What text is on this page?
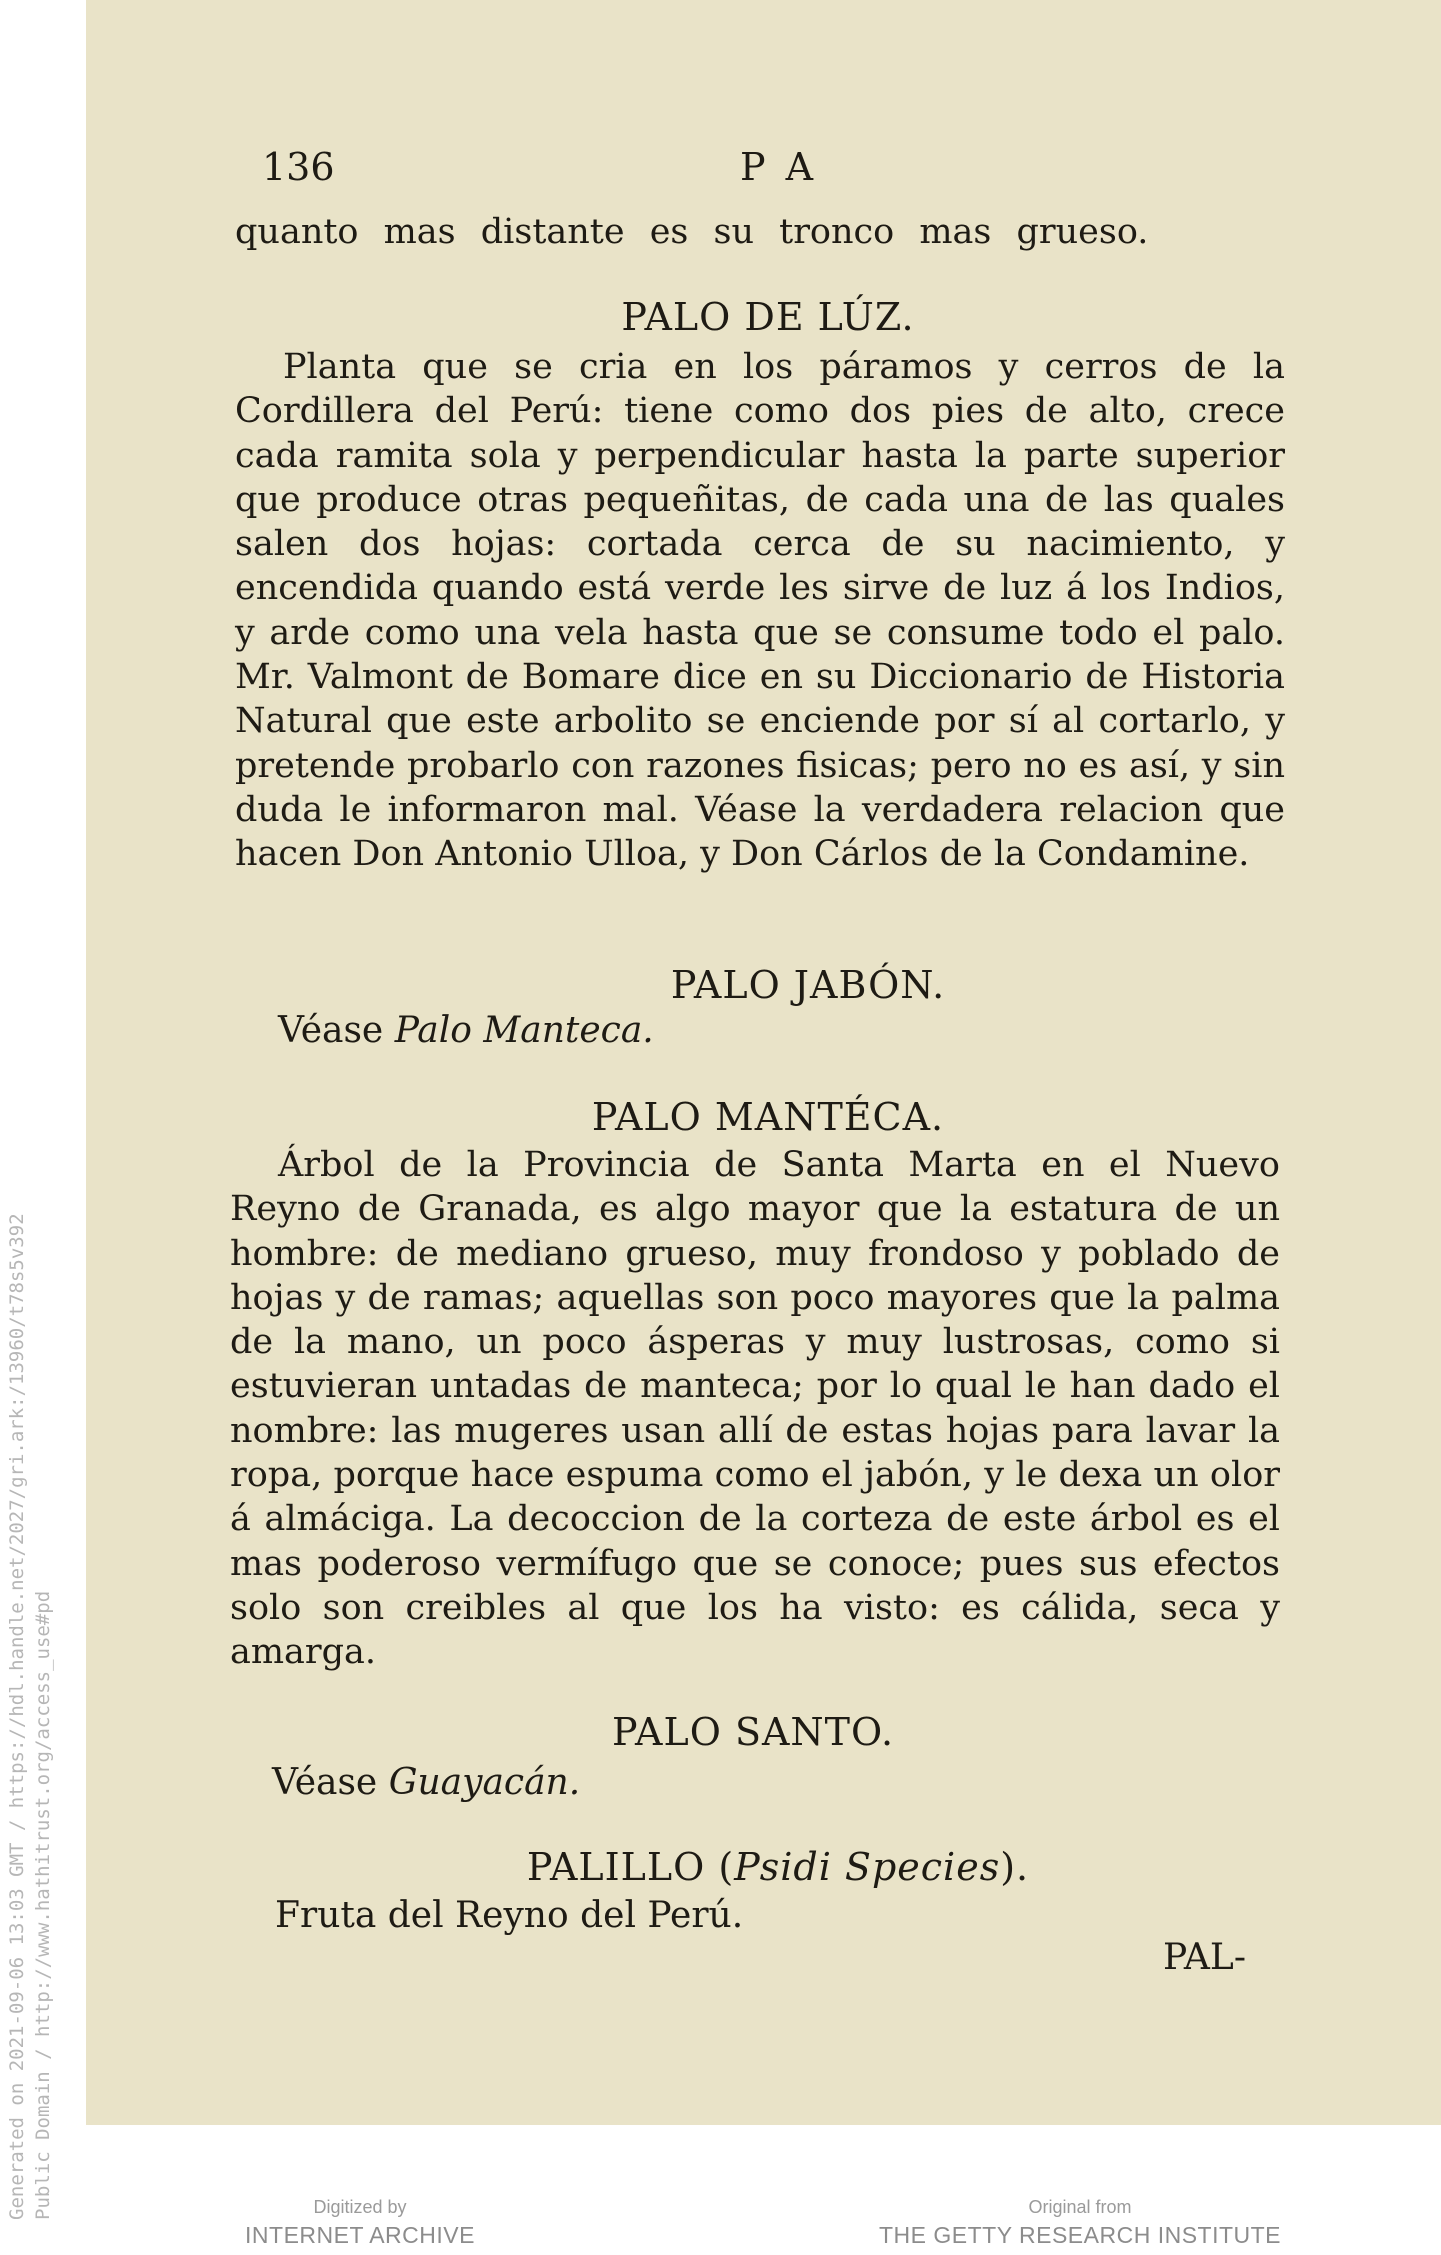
Generated on 2021-09-06 13:03 GMT / https://hdl.handle.net/2027/gri.ark:/13960/t78s5v392 Public Domain / http://www.hathitrust.org/access_use#pd
136	P A

quanto mas distante es su tronco mas grueso.

PALO DE LÚZ.

Planta que se cria en los páramos y cerros de la Cordillera del Perú: tiene como dos pies de alto, crece cada ramita sola y perpendicular hasta la parte superior que produce otras pequeñitas, de cada una de las quales salen dos hojas: cortada cerca de su nacimiento, y encendida quando está verde les sirve de luz á los Indios, y arde como una vela hasta que se consume todo el palo. Mr. Valmont de Bomare dice en su Diccionario de Historia Natural que este arbolito se enciende por sí al cortarlo, y pretende probarlo con razones fisicas; pero no es así, y sin duda le informaron mal. Véase la verdadera relacion que hacen Don Antonio Ulloa, y Don Cárlos de la Condamine.

PALO JABÓN.
Véase Palo Manteca.
PALO MANTÉCA.

Árbol de la Provincia de Santa Marta en el Nuevo Reyno de Granada, es algo mayor que la estatura de un hombre: de mediano grueso, muy frondoso y poblado de hojas y de ramas; aquellas son poco mayores que la palma de la mano, un poco ásperas y muy lustrosas, como si estuvieran untadas de manteca; por lo qual le han dado el nombre: las mugeres usan allí de estas hojas para lavar la ropa, porque hace espuma como el jabón, y le dexa un olor á almáciga. La decoccion de la corteza de este árbol es el mas poderoso vermífugo que se conoce; pues sus efectos solo son creibles al que los ha visto: es cálida, seca y amarga.

PALO SANTO.
Véase Guayacán.
PALILLO (Psidi Species).
Fruta del Reyno del Perú.
PAL-
Digitized by
INTERNET ARCHIVE
Original from
THE GETTY RESEARCH INSTITUTE
